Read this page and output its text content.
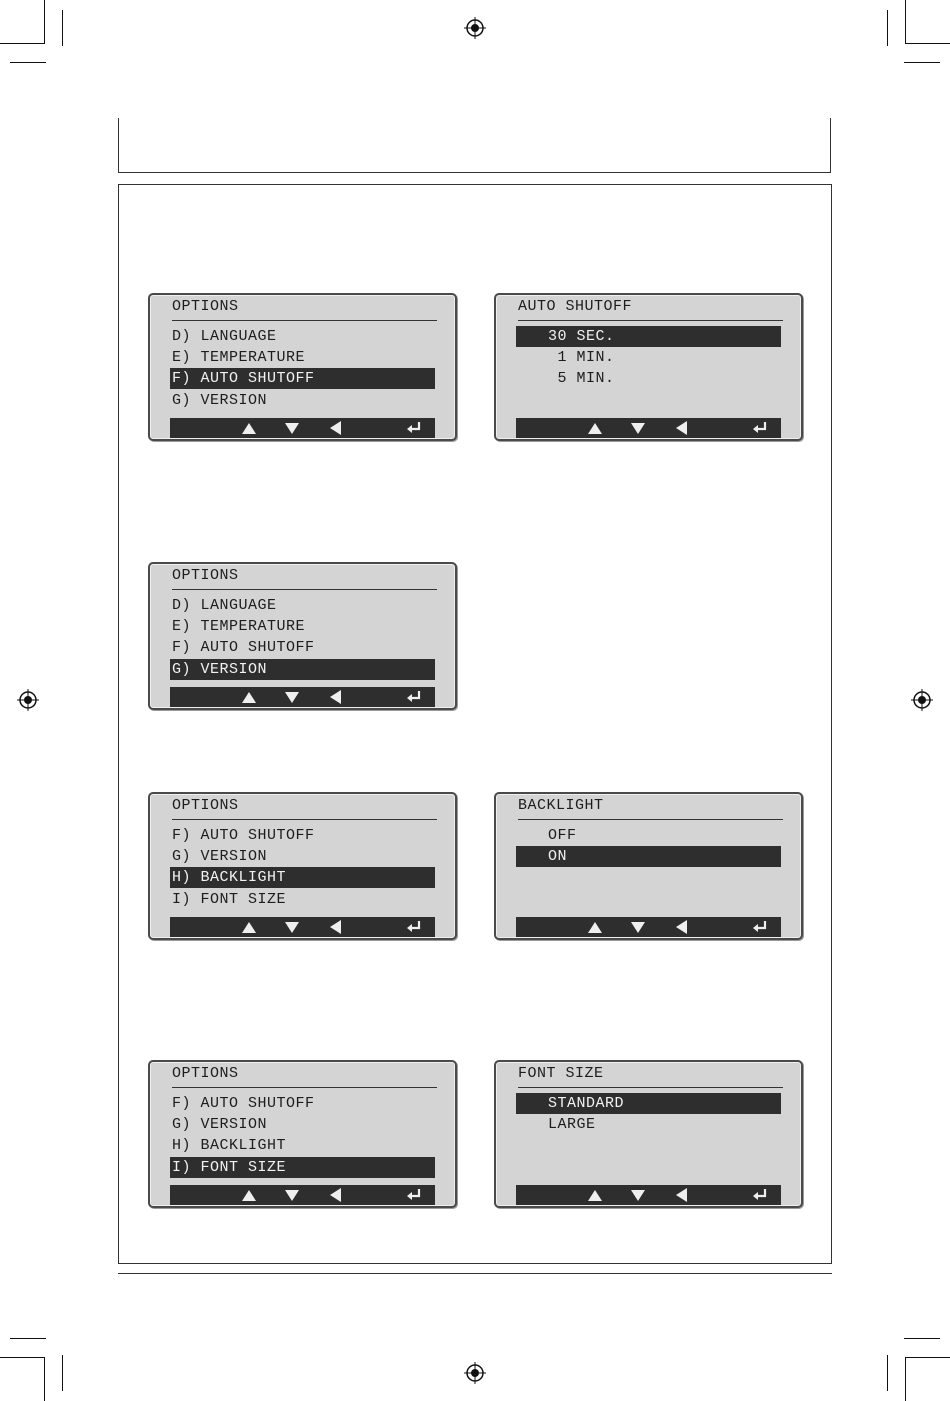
OPTIONS
D) LANGUAGE
E) TEMPERATURE
F) AUTO SHUTOFF
G) VERSION
AUTO SHUTOFF
30 SEC.
1 MIN.
5 MIN.
OPTIONS
D) LANGUAGE
E) TEMPERATURE
F) AUTO SHUTOFF
G) VERSION
OPTIONS
F) AUTO SHUTOFF
G) VERSION
H) BACKLIGHT
I) FONT SIZE
BACKLIGHT
OFF
ON
OPTIONS
F) AUTO SHUTOFF
G) VERSION
H) BACKLIGHT
I) FONT SIZE
FONT SIZE
STANDARD
LARGE
